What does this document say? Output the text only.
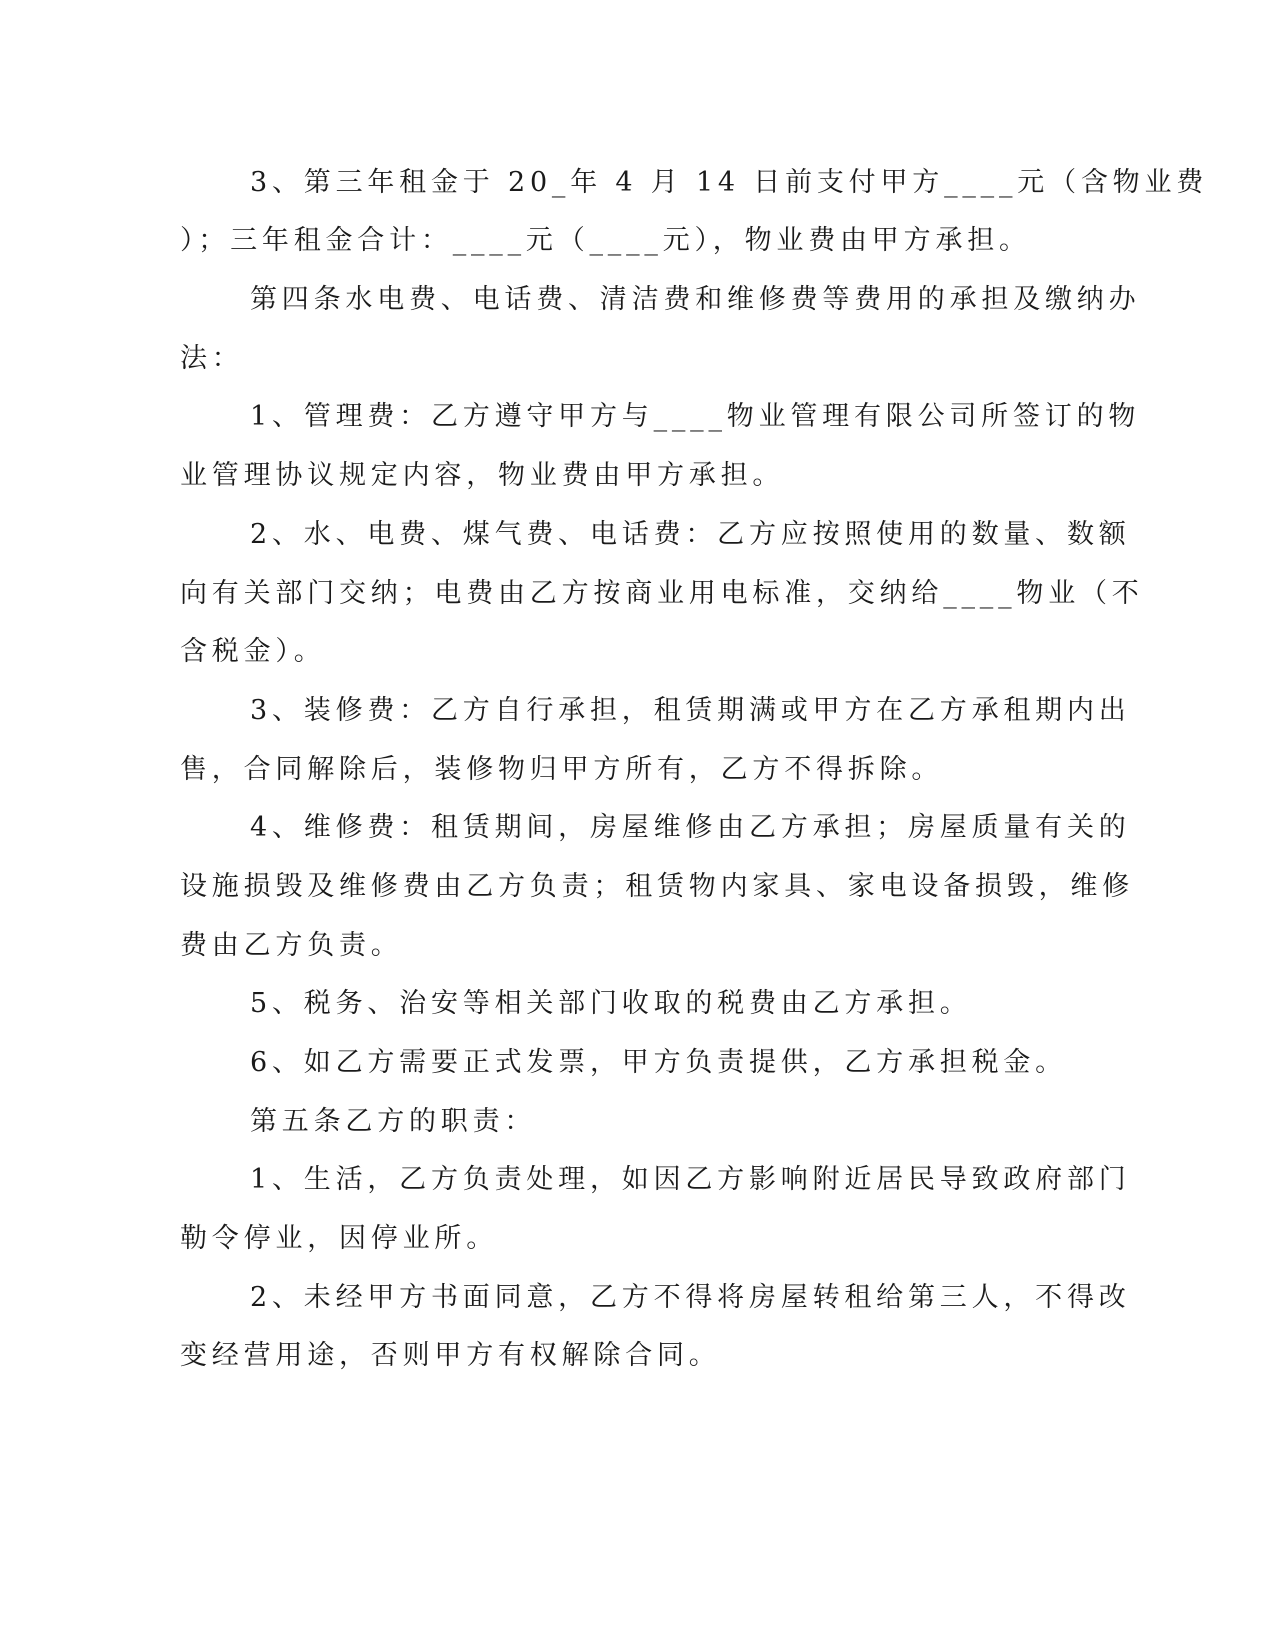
3、第三年租金于 20_年 4 月 14 日前支付甲方____元（含物业费
）；三年租金合计：____元（____元），物业费由甲方承担。
第四条水电费、电话费、清洁费和维修费等费用的承担及缴纳办
法：
1、管理费：乙方遵守甲方与____物业管理有限公司所签订的物
业管理协议规定内容，物业费由甲方承担。
2、水、电费、煤气费、电话费：乙方应按照使用的数量、数额
向有关部门交纳；电费由乙方按商业用电标准，交纳给____物业（不
含税金）。
3、装修费：乙方自行承担，租赁期满或甲方在乙方承租期内出
售，合同解除后，装修物归甲方所有，乙方不得拆除。
4、维修费：租赁期间，房屋维修由乙方承担；房屋质量有关的
设施损毁及维修费由乙方负责；租赁物内家具、家电设备损毁，维修
费由乙方负责。
5、税务、治安等相关部门收取的税费由乙方承担。
6、如乙方需要正式发票，甲方负责提供，乙方承担税金。
第五条乙方的职责：
1、生活，乙方负责处理，如因乙方影响附近居民导致政府部门
勒令停业，因停业所。
2、未经甲方书面同意，乙方不得将房屋转租给第三人，不得改
变经营用途，否则甲方有权解除合同。
